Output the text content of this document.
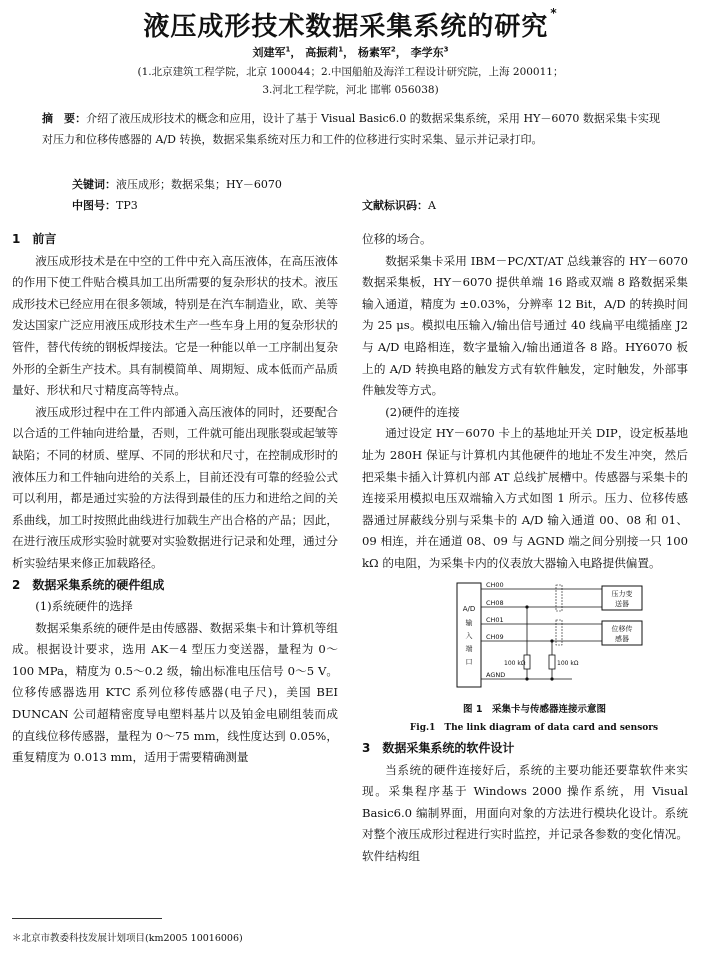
液压成形技术数据采集系统的研究 *
刘建军$^1$， 高振莉$^1$， 杨素军$^2$， 李学东$^3$
(1.北京建筑工程学院，北京 100044；2.中国船舶及海洋工程设计研究院，上海 200011；
3.河北工程学院，河北 邯郸 056038)
摘　要：介绍了液压成形技术的概念和应用，设计了基于 Visual Basic6.0 的数据采集系统，采用 HY－6070 数据采集卡实现对压力和位移传感器的 A/D 转换，数据采集系统对压力和工件的位移进行实时采集、显示并记录打印。
关键词：液压成形；数据采集；HY－6070
中图号：TP3	文献标识码：A
1　前言

液压成形技术是在中空的工件中充入高压液体，在高压液体的作用下使工件贴合模具加工出所需要的复杂形状的技术。液压成形技术已经应用在很多领域，特别是在汽车制造业，欧、美等发达国家广泛应用液压成形技术生产一些车身上用的复杂形状的管件，替代传统的钢板焊接法。它是一种能以单一工序制出复杂外形的全新生产技术。具有制模简单、周期短、成本低而产品质量好、形状和尺寸精度高等特点。

液压成形过程中在工件内部通入高压液体的同时，还要配合以合适的工件轴向进给量，否则，工件就可能出现胀裂或起皱等缺陷；不同的材质、壁厚、不同的形状和尺寸，在控制成形时的液体压力和工件轴向进给的关系上，目前还没有可靠的经验公式可以利用，都是通过实验的方法得到最佳的压力和进给之间的关系曲线，加工时按照此曲线进行加载生产出合格的产品；因此，在进行液压成形实验时就要对实验数据进行记录和处理，通过分析实验结果来修正加载路径。

2　数据采集系统的硬件组成
(1)系统硬件的选择

数据采集系统的硬件是由传感器、数据采集卡和计算机等组成。根据设计要求，选用 AK－4 型压力变送器，量程为 0～100 MPa，精度为 0.5～0.2 级，输出标准电压信号 0～5 V。位移传感器选用 KTC 系列位移传感器(电子尺)，美国 BEI DUNCAN 公司超精密度导电塑料基片以及铂金电刷组装而成的直线位移传感器，量程为 0～75 mm，线性度达到 0.05%，重复精度为 0.013 mm，适用于需要精确测量

位移的场合。

数据采集卡采用 IBM－PC/XT/AT 总线兼容的 HY－6070 数据采集板，HY－6070 提供单端 16 路或双端 8 路数据采集输入通道，精度为 ±0.03%，分辨率 12 Bit，A/D 的转换时间为 25 μs。模拟电压输入/输出信号通过 40 线扁平电缆插座 J2 与 A/D 电路相连，数字量输入/输出通道各 8 路。HY6070 板上的 A/D 转换电路的触发方式有软件触发，定时触发，外部事件触发等方式。

(2)硬件的连接

通过设定 HY－6070 卡上的基地址开关 DIP，设定板基地址为 280H 保证与计算机内其他硬件的地址不发生冲突，然后把采集卡插入计算机内部 AT 总线扩展槽中。传感器与采集卡的连接采用模拟电压双端输入方式如图 1 所示。压力、位移传感器通过屏蔽线分别与采集卡的 A/D 输入通道 00、08 和 01、09 相连，并在通道 08、09 与 AGND 端之间分别接一只 100 kΩ 的电阻，为采集卡内的仪表放大器输入电路提供偏置。

A/D
输
入
端
口
CH00
CH08
CH01
CH09
AGND
压力变
送器
位移传
感器
100 kΩ	100 kΩ

图 1　采集卡与传感器连接示意图

Fig.1　The link diagram of data card and sensors

3　数据采集系统的软件设计

当系统的硬件连接好后，系统的主要功能还要靠软件来实现。采集程序基于 Windows 2000 操作系统，用 Visual Basic6.0 编制界面，用面向对象的方法进行模块化设计。系统对整个液压成形过程进行实时监控，并记录各参数的变化情况。软件结构组

＊北京市教委科技发展计划项目(km2005 10016006)
